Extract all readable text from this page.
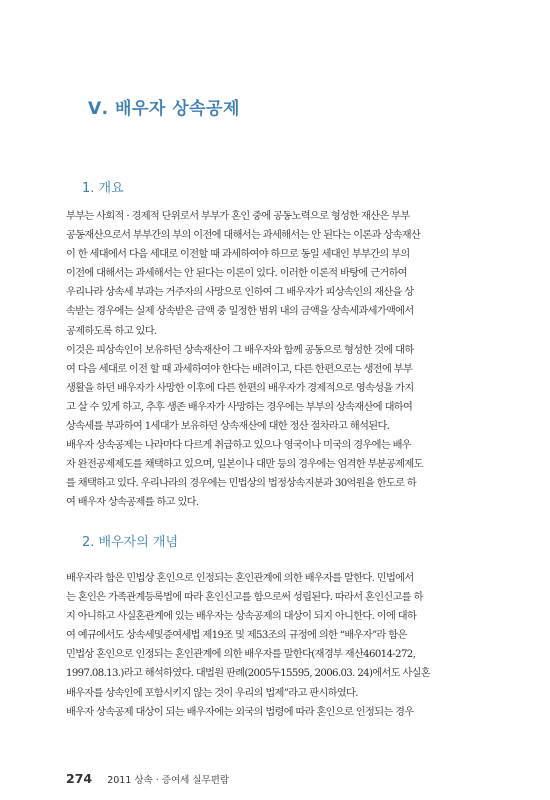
Ⅴ. 배우자 상속공제
1. 개요
부부는 사회적 · 경제적 단위로서 부부가 혼인 중에 공동노력으로 형성한 재산은 부부
공동재산으로서 부부간의 부의 이전에 대해서는 과세해서는 안 된다는 이론과 상속재산
이 한 세대에서 다음 세대로 이전할 때 과세하여야 하므로 동일 세대인 부부간의 부의
이전에 대해서는 과세해서는 안 된다는 이론이 있다. 이러한 이론적 바탕에 근거하여
우리나라 상속세 부과는 거주자의 사망으로 인하여 그 배우자가 피상속인의 재산을 상
속받는 경우에는 실제 상속받은 금액 중 일정한 범위 내의 금액을 상속세과세가액에서
공제하도록 하고 있다.
이것은 피상속인이 보유하던 상속재산이 그 배우자와 함께 공동으로 형성한 것에 대하
여 다음 세대로 이전 할 때 과세하여야 한다는 배려이고, 다른 한편으로는 생전에 부부
생활을 하던 배우자가 사망한 이후에 다른 한편의 배우자가 경제적으로 영속성을 가지
고 살 수 있게 하고, 추후 생존 배우자가 사망하는 경우에는 부부의 상속재산에 대하여
상속세를 부과하여 1세대가 보유하던 상속재산에 대한 정산 절차라고 해석된다.
배우자 상속공제는 나라마다 다르게 취급하고 있으나 영국이나 미국의 경우에는 배우
자 완전공제제도를 채택하고 있으며, 일본이나 대만 등의 경우에는 엄격한 부분공제제도
를 채택하고 있다. 우리나라의 경우에는 민법상의 법정상속지분과 30억원을 한도로 하
여 배우자 상속공제를 하고 있다.
2. 배우자의 개념
배우자라 함은 민법상 혼인으로 인정되는 혼인관계에 의한 배우자를 말한다. 민법에서
는 혼인은 가족관계등록법에 따라 혼인신고를 함으로써 성립된다. 따라서 혼인신고를 하
지 아니하고 사실혼관계에 있는 배우자는 상속공제의 대상이 되지 아니한다. 이에 대하
여 예규에서도 상속세및증여세법 제19조 및 제53조의 규정에 의한 “배우자”라 함은
민법상 혼인으로 인정되는 혼인관계에 의한 배우자를 말한다(재경부 재산46014-272,
1997.08.13.)라고 해석하였다. 대법원 판례(2005두15595, 2006.03. 24)에서도 사실혼
배우자를 상속인에 포함시키지 않는 것이 우리의 법제”라고 판시하였다.
배우자 상속공제 대상이 되는 배우자에는 외국의 법령에 따라 혼인으로 인정되는 경우
274 2011 상속 · 증여세 실무편람
